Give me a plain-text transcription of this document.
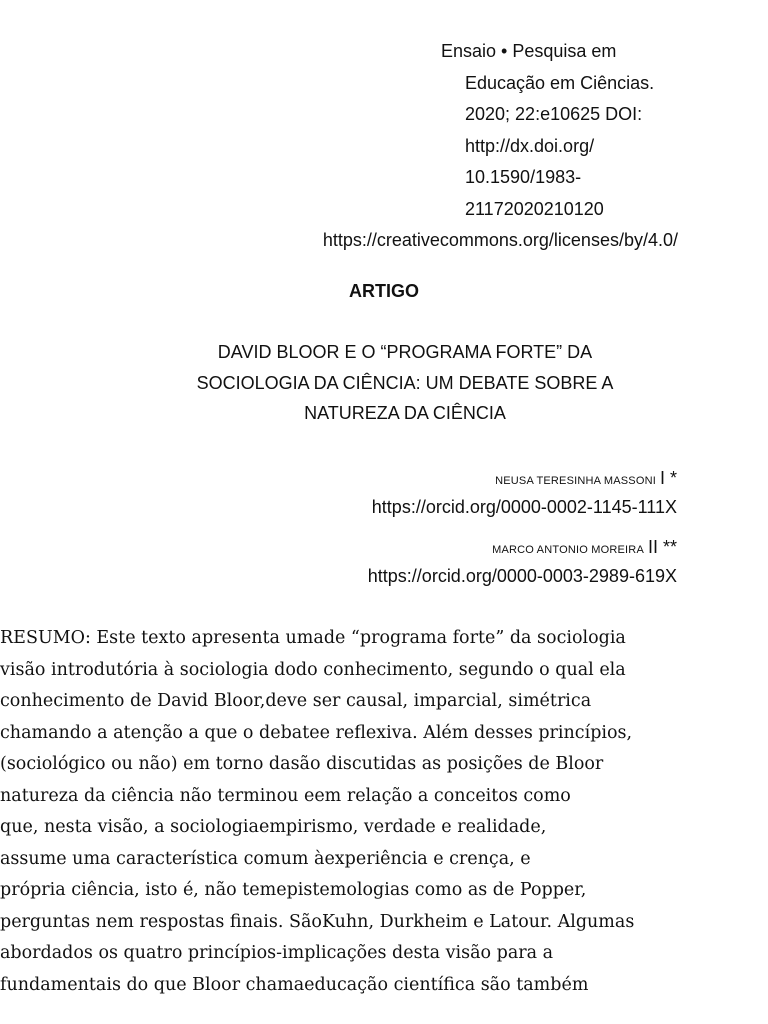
Ensaio • Pesquisa em
Educação em Ciências.
2020; 22:e10625 DOI:
http://dx.doi.org/
10.1590/1983-
21172020210120
https://creativecommons.org/licenses/by/4.0/
ARTIGO
DAVID BLOOR E O “PROGRAMA FORTE” DA
SOCIOLOGIA DA CIÊNCIA: UM DEBATE SOBRE A
NATUREZA DA CIÊNCIA
NEUSA TERESINHA MASSONI I *
https://orcid.org/0000-0002-1145-111X
MARCO ANTONIO MOREIRA II **
https://orcid.org/0000-0003-2989-619X
RESUMO: Este texto apresenta uma de “programa forte” da sociologia
visão introdutória à sociologia do do conhecimento, segundo o qual ela
conhecimento de David Bloor, deve ser causal, imparcial, simétrica
chamando a atenção a que o debate e reflexiva. Além desses princípios,
(sociológico ou não) em torno da são discutidas as posições de Bloor
natureza da ciência não terminou e em relação a conceitos como
que, nesta visão, a sociologia empirismo, verdade e realidade,
assume uma característica comum à experiência e crença, e
própria ciência, isto é, não tem epistemologias como as de Popper,
perguntas nem respostas finais. São Kuhn, Durkheim e Latour. Algumas
abordados os quatro princípios- implicações desta visão para a
fundamentais do que Bloor chama educação científica são também
